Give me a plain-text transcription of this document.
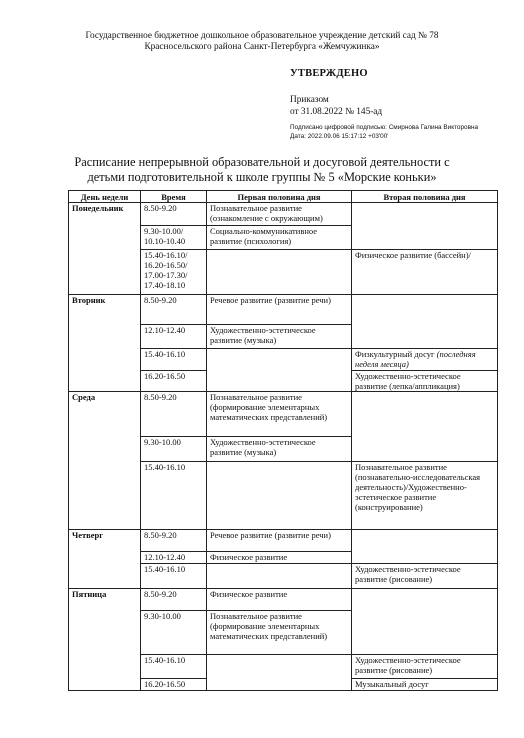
Государственное бюджетное дошкольное образовательное учреждение детский сад № 78
Красносельского района Санкт-Петербурга «Жемчужинка»
УТВЕРЖДЕНО
Приказом
от 31.08.2022 № 145-ад
Подписано цифровой подписью: Смирнова Галина Викторовна
Дата: 2022.09.06 15:17:12 +03'00'
Расписание непрерывной образовательной и досуговой деятельности с
детьми подготовительной к школе группы № 5 «Морские коньки»
День недели	Время	Первая половина дня	Вторая половина дня
Понедельник	8.50-9.20	Познавательное развитие (ознакомление с окружающим)	
	9.30-10.00/ 10.10-10.40	Социально-коммуникативное развитие (психология)	
	15.40-16.10/ 16.20-16.50/ 17.00-17.30/ 17.40-18.10		Физическое развитие (бассейн)/
Вторник	8.50-9.20	Речевое развитие (развитие речи)	
	12.10-12.40	Художественно-эстетическое развитие (музыка)	
	15.40-16.10		Физкультурный досуг (последняя неделя месяца)
	16.20-16.50		Художественно-эстетическое развитие (лепка/аппликация)
Среда	8.50-9.20	Познавательное развитие (формирование элементарных математических представлений)	
	9.30-10.00	Художественно-эстетическое развитие (музыка)	
	15.40-16.10		Познавательное развитие (познавательно-исследовательская деятельность)/Художественно-эстетическое развитие (конструирование)
Четверг	8.50-9.20	Речевое развитие (развитие речи)	
	12.10-12.40	Физическое развитие	
	15.40-16.10		Художественно-эстетическое развитие (рисование)
Пятница	8.50-9.20	Физическое развитие	
	9.30-10.00	Познавательное развитие (формирование элементарных математических представлений)	
	15.40-16.10		Художественно-эстетическое развитие (рисование)
	16.20-16.50		Музыкальный досуг
